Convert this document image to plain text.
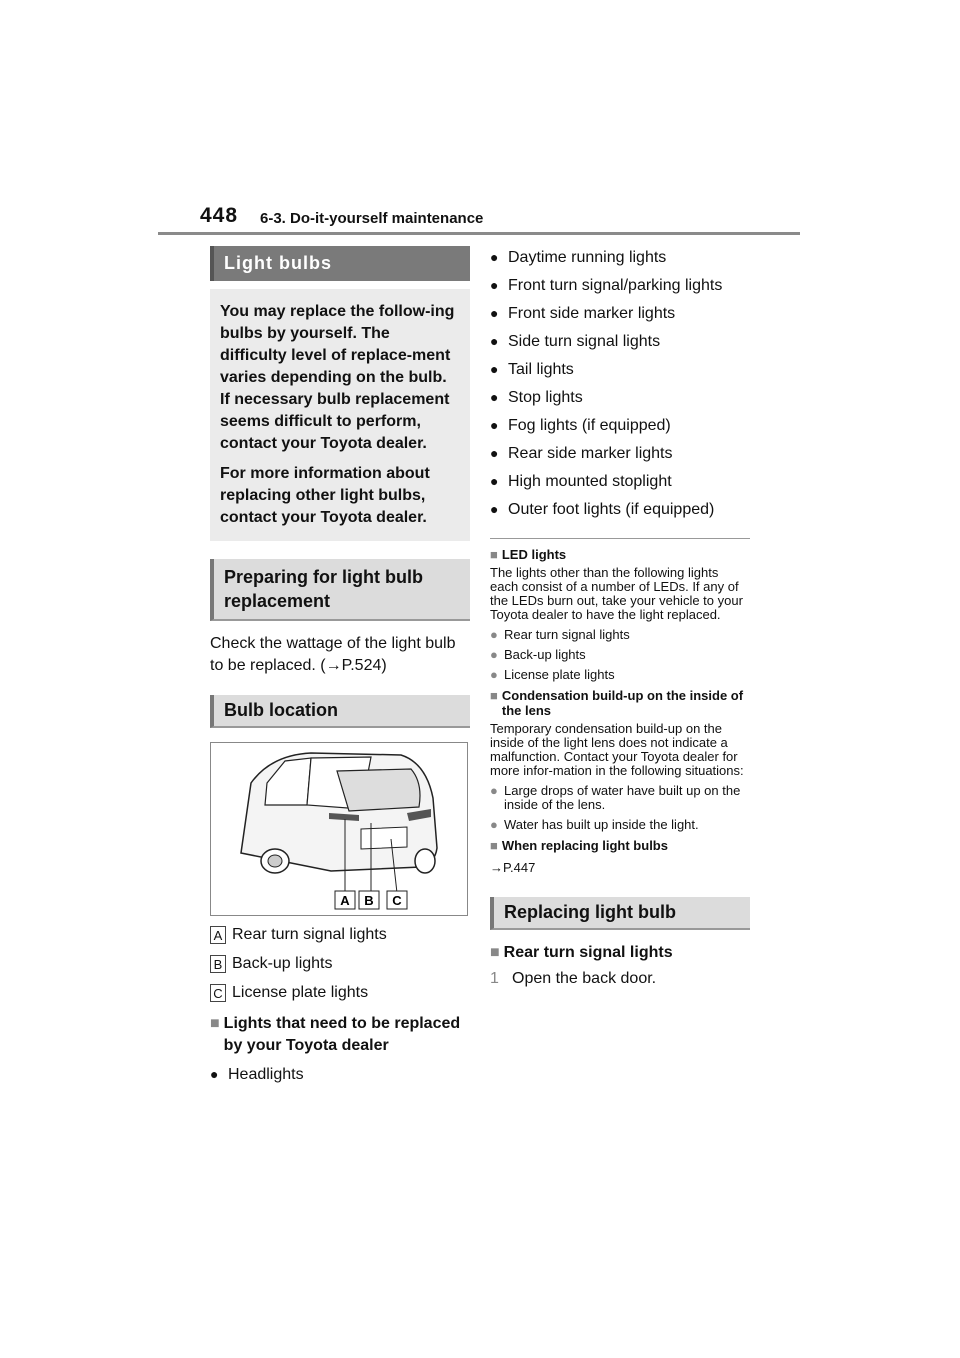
448 6-3. Do-it-yourself maintenance
Light bulbs

You may replace the follow-ing bulbs by yourself. The difficulty level of replace-ment varies depending on the bulb. If necessary bulb replacement seems difficult to perform, contact your Toyota dealer.

For more information about replacing other light bulbs, contact your Toyota dealer.

Preparing for light bulb replacement
Check the wattage of the light bulb to be replaced. (→P.524)
Bulb location
A B C
A Rear turn signal lights
B Back-up lights
C License plate lights
■ Lights that need to be replaced by your Toyota dealer
● Headlights
● Daytime running lights
● Front turn signal/parking lights
● Front side marker lights
● Side turn signal lights
● Tail lights
● Stop lights
● Fog lights (if equipped)
● Rear side marker lights
● High mounted stoplight
● Outer foot lights (if equipped)
■ LED lights
The lights other than the following lights each consist of a number of LEDs. If any of the LEDs burn out, take your vehicle to your Toyota dealer to have the light replaced.
● Rear turn signal lights
● Back-up lights
● License plate lights
■ Condensation build-up on the inside of the lens
Temporary condensation build-up on the inside of the light lens does not indicate a malfunction. Contact your Toyota dealer for more infor-mation in the following situations:
● Large drops of water have built up on the inside of the lens.
● Water has built up inside the light.
■ When replacing light bulbs
→P.447
Replacing light bulb
■ Rear turn signal lights
1 Open the back door.
